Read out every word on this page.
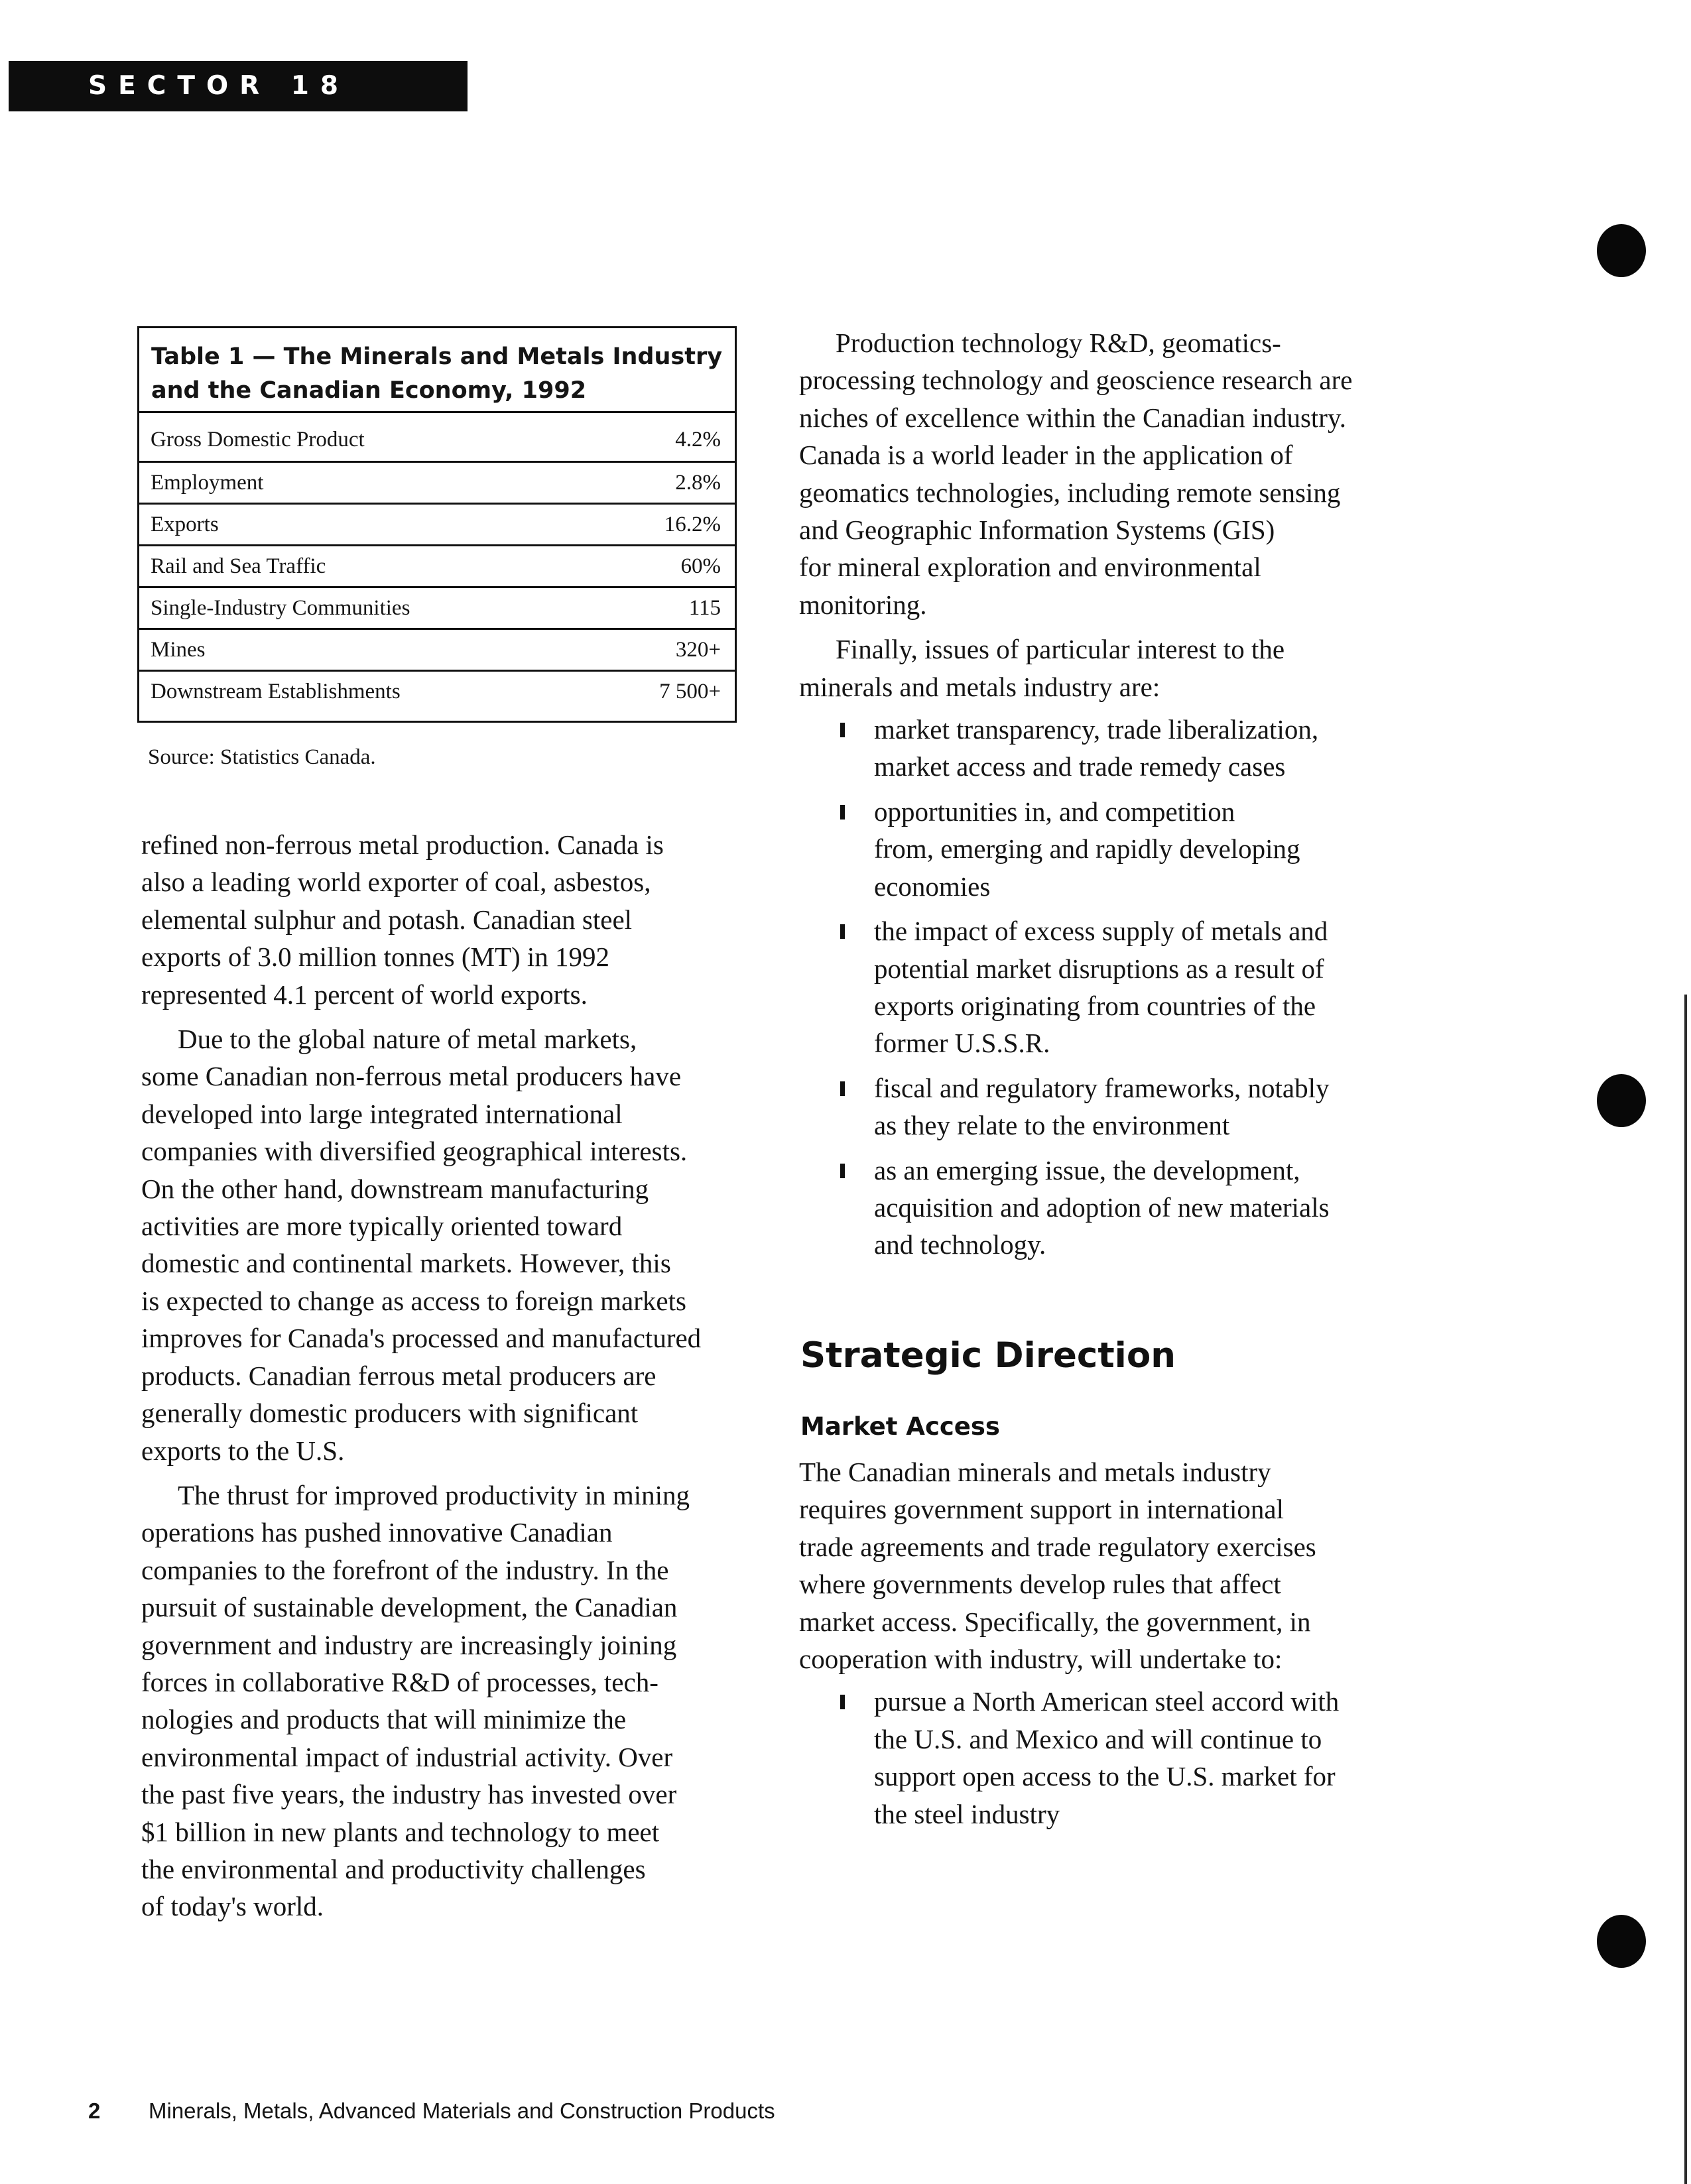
SECTOR 18
Table 1 — The Minerals and Metals Industry
and the Canadian Economy, 1992
Gross Domestic Product	4.2%
Employment	2.8%
Exports	16.2%
Rail and Sea Traffic	60%
Single-Industry Communities	115
Mines	320+
Downstream Establishments	7 500+
Source: Statistics Canada.

refined non-ferrous metal production. Canada is
also a leading world exporter of coal, asbestos,
elemental sulphur and potash. Canadian steel
exports of 3.0 million tonnes (MT) in 1992
represented 4.1 percent of world exports.

Due to the global nature of metal markets,
some Canadian non-ferrous metal producers have
developed into large integrated international
companies with diversified geographical interests.
On the other hand, downstream manufacturing
activities are more typically oriented toward
domestic and continental markets. However, this
is expected to change as access to foreign markets
improves for Canada's processed and manufactured
products. Canadian ferrous metal producers are
generally domestic producers with significant
exports to the U.S.

The thrust for improved productivity in mining
operations has pushed innovative Canadian
companies to the forefront of the industry. In the
pursuit of sustainable development, the Canadian
government and industry are increasingly joining
forces in collaborative R&D of processes, tech-
nologies and products that will minimize the
environmental impact of industrial activity. Over
the past five years, the industry has invested over
$1 billion in new plants and technology to meet
the environmental and productivity challenges
of today's world.

Production technology R&D, geomatics-
processing technology and geoscience research are
niches of excellence within the Canadian industry.
Canada is a world leader in the application of
geomatics technologies, including remote sensing
and Geographic Information Systems (GIS)
for mineral exploration and environmental
monitoring.

Finally, issues of particular interest to the
minerals and metals industry are:

market transparency, trade liberalization,
market access and trade remedy cases
opportunities in, and competition
from, emerging and rapidly developing
economies
the impact of excess supply of metals and
potential market disruptions as a result of
exports originating from countries of the
former U.S.S.R.
fiscal and regulatory frameworks, notably
as they relate to the environment
as an emerging issue, the development,
acquisition and adoption of new materials
and technology.
Strategic Direction
Market Access

The Canadian minerals and metals industry
requires government support in international
trade agreements and trade regulatory exercises
where governments develop rules that affect
market access. Specifically, the government, in
cooperation with industry, will undertake to:

pursue a North American steel accord with
the U.S. and Mexico and will continue to
support open access to the U.S. market for
the steel industry
2 Minerals, Metals, Advanced Materials and Construction Products
